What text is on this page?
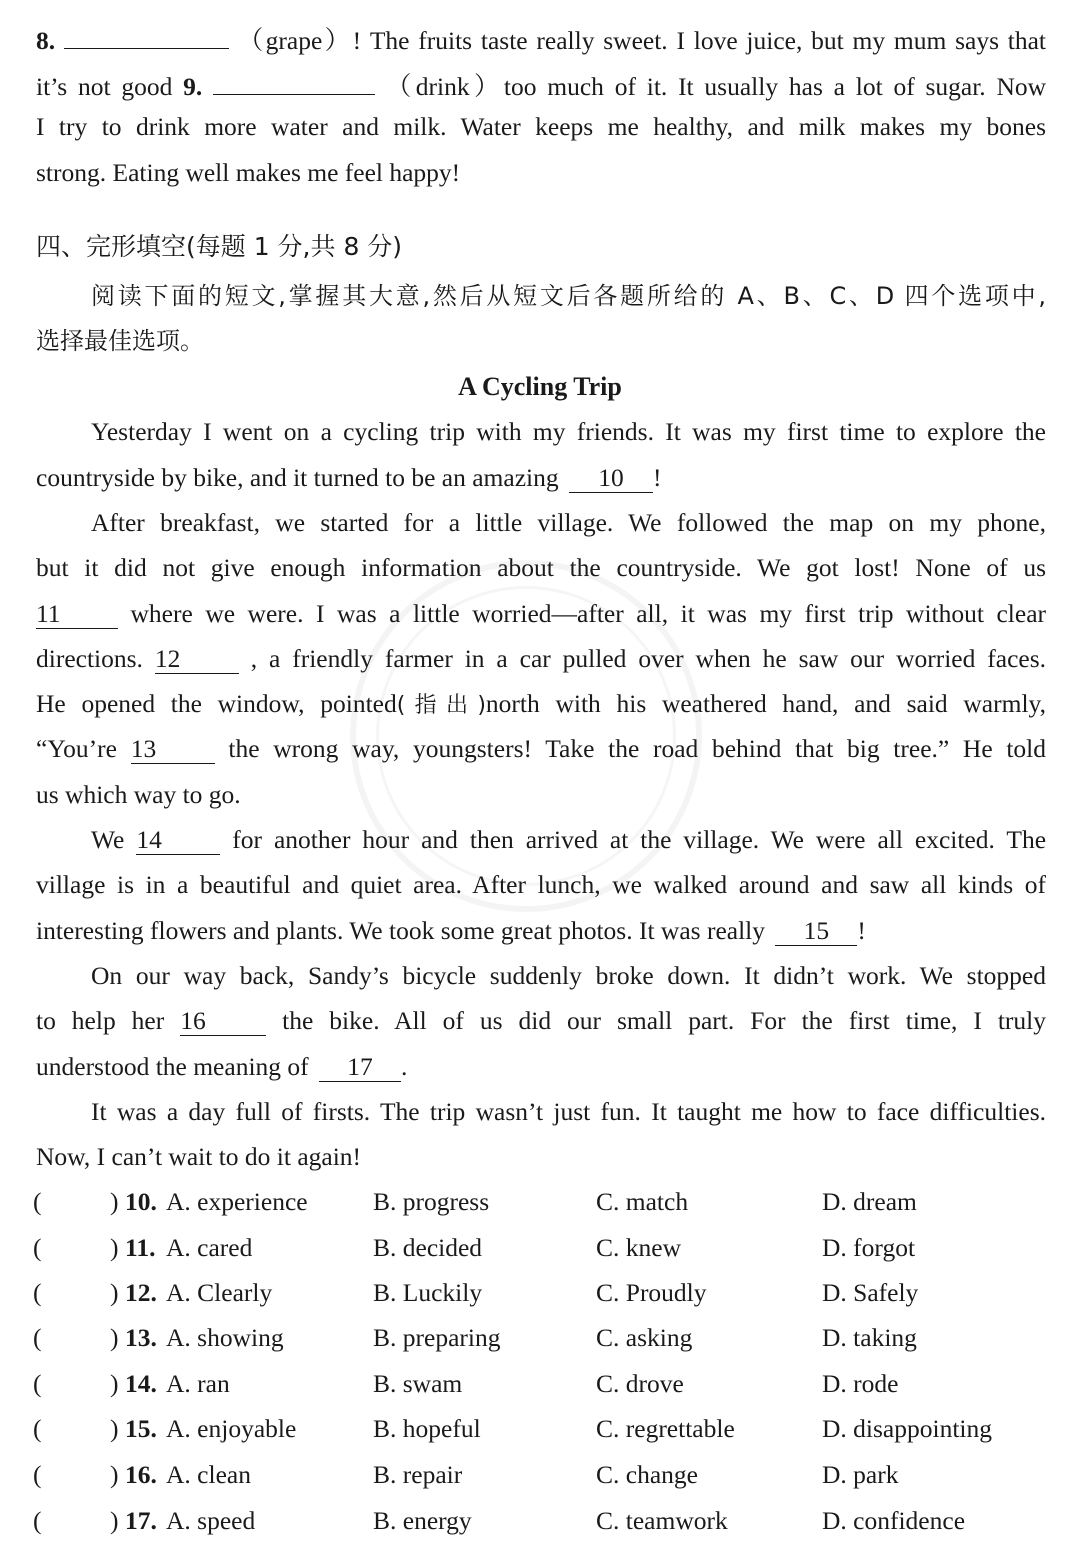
8.	（grape）! The fruits taste really sweet. I love juice, but my mum says that
it’s not good 9.	（drink）too much of it. It usually has a lot of sugar. Now
I try to drink more water and milk. Water keeps me healthy, and milk makes my bones
strong. Eating well makes me feel happy!
四、完形填空(每题 1 分,共 8 分)
阅读下面的短文,掌握其大意,然后从短文后各题所给的 A、B、C、D 四个选项中,
选择最佳选项。
A Cycling Trip
Yesterday I went on a cycling trip with my friends. It was my first time to explore the
countryside by bike, and it turned to be an amazing 10 !
After breakfast, we started for a little village. We followed the map on my phone,
but it did not give enough information about the countryside. We got lost! None of us
11	where we were. I was a little worried—after all, it was my first trip without clear
directions. 12	, a friendly farmer in a car pulled over when he saw our worried faces.
He opened the window, pointed(指出)north with his weathered hand, and said warmly,
“You’re 13	the wrong way, youngsters! Take the road behind that big tree.” He told
us which way to go.
We 14	for another hour and then arrived at the village. We were all excited. The
village is in a beautiful and quiet area. After lunch, we walked around and saw all kinds of
interesting flowers and plants. We took some great photos. It was really 15 !
On our way back, Sandy’s bicycle suddenly broke down. It didn’t work. We stopped
to help her 16	the bike. All of us did our small part. For the first time, I truly
understood the meaning of 17 .
It was a day full of firsts. The trip wasn’t just fun. It taught me how to face difficulties.
Now, I can’t wait to do it again!
(	) 10. A. experience	B. progress	C. match	D. dream
(	) 11. A. cared	B. decided	C. knew	D. forgot
(	) 12. A. Clearly	B. Luckily	C. Proudly	D. Safely
(	) 13. A. showing	B. preparing	C. asking	D. taking
(	) 14. A. ran	B. swam	C. drove	D. rode
(	) 15. A. enjoyable	B. hopeful	C. regrettable	D. disappointing
(	) 16. A. clean	B. repair	C. change	D. park
(	) 17. A. speed	B. energy	C. teamwork	D. confidence
